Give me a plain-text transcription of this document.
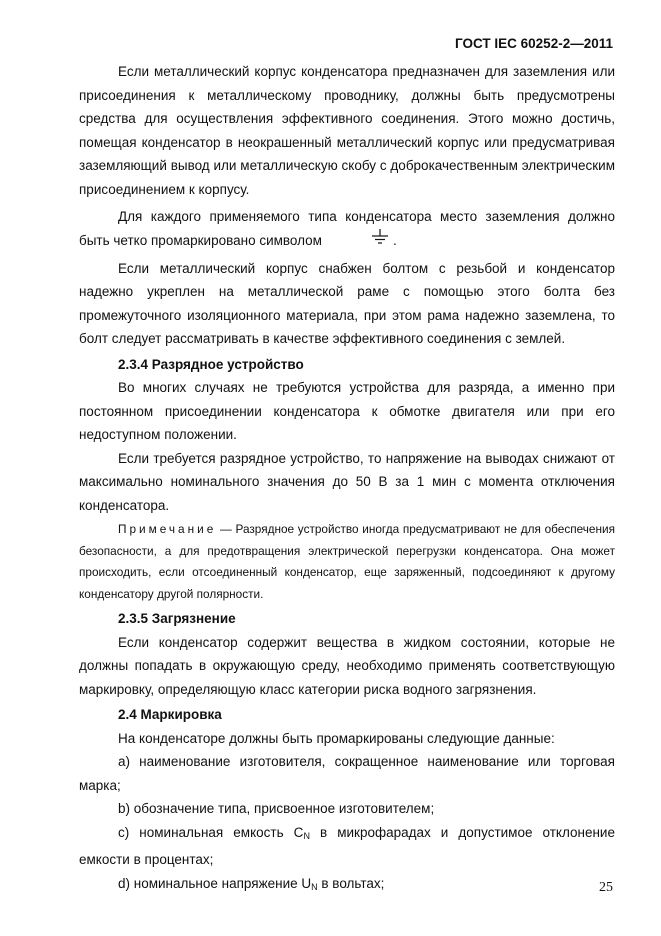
ГОСТ IEC 60252-2—2011

Если металлический корпус конденсатора предназначен для заземления или присоединения к металлическому проводнику, должны быть предусмотрены средства для осуществления эффективного соединения. Этого можно достичь, помещая конденсатор в неокрашенный металлический корпус или предусматривая заземляющий вывод или металлическую скобу с доброкачественным электрическим присоединением к корпусу.

Для каждого применяемого типа конденсатора место заземления должно быть четко промаркировано символом	.

Если металлический корпус снабжен болтом с резьбой и конденсатор надежно укреплен на металлической раме с помощью этого болта без промежуточного изоляционного материала, при этом рама надежно заземлена, то болт следует рассматривать в качестве эффективного соединения с землей.

2.3.4 Разрядное устройство

Во многих случаях не требуются устройства для разряда, а именно при постоянном присоединении конденсатора к обмотке двигателя или при его недоступном положении.

Если требуется разрядное устройство, то напряжение на выводах снижают от максимально номинального значения до 50 В за 1 мин с момента отключения конденсатора.

Примечание — Разрядное устройство иногда предусматривают не для обеспечения безопасности, а для предотвращения электрической перегрузки конденсатора. Она может происходить, если отсоединенный конденсатор, еще заряженный, подсоединяют к другому конденсатору другой полярности.
2.3.5 Загрязнение

Если конденсатор содержит вещества в жидком состоянии, которые не должны попадать в окружающую среду, необходимо применять соответствующую маркировку, определяющую класс категории риска водного загрязнения.

2.4 Маркировка

На конденсаторе должны быть промаркированы следующие данные:

а) наименование изготовителя, сокращенное наименование или торговая марка;

b) обозначение типа, присвоенное изготовителем;

c) номинальная емкость $C_N$ в микрофарадах и допустимое отклонение емкости в процентах;

d) номинальное напряжение $U_N$ в вольтах;	25
